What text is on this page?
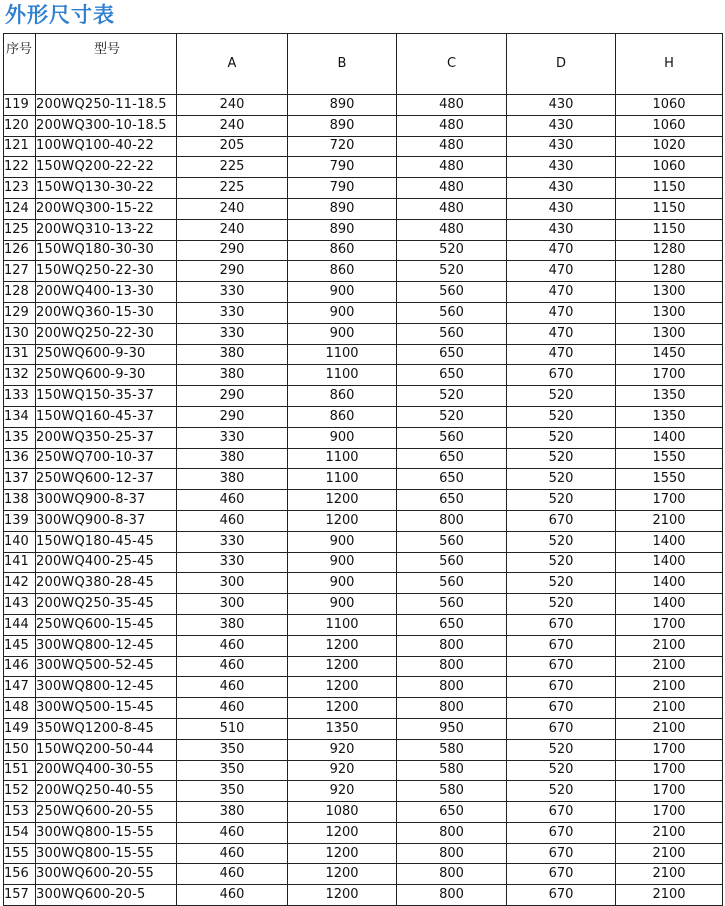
外形尺寸表
序号	型号	A	B	C	D	H
119	200WQ250-11-18.5	240	890	480	430	1060
120	200WQ300-10-18.5	240	890	480	430	1060
121	100WQ100-40-22	205	720	480	430	1020
122	150WQ200-22-22	225	790	480	430	1060
123	150WQ130-30-22	225	790	480	430	1150
124	200WQ300-15-22	240	890	480	430	1150
125	200WQ310-13-22	240	890	480	430	1150
126	150WQ180-30-30	290	860	520	470	1280
127	150WQ250-22-30	290	860	520	470	1280
128	200WQ400-13-30	330	900	560	470	1300
129	200WQ360-15-30	330	900	560	470	1300
130	200WQ250-22-30	330	900	560	470	1300
131	250WQ600-9-30	380	1100	650	470	1450
132	250WQ600-9-30	380	1100	650	670	1700
133	150WQ150-35-37	290	860	520	520	1350
134	150WQ160-45-37	290	860	520	520	1350
135	200WQ350-25-37	330	900	560	520	1400
136	250WQ700-10-37	380	1100	650	520	1550
137	250WQ600-12-37	380	1100	650	520	1550
138	300WQ900-8-37	460	1200	650	520	1700
139	300WQ900-8-37	460	1200	800	670	2100
140	150WQ180-45-45	330	900	560	520	1400
141	200WQ400-25-45	330	900	560	520	1400
142	200WQ380-28-45	300	900	560	520	1400
143	200WQ250-35-45	300	900	560	520	1400
144	250WQ600-15-45	380	1100	650	670	1700
145	300WQ800-12-45	460	1200	800	670	2100
146	300WQ500-52-45	460	1200	800	670	2100
147	300WQ800-12-45	460	1200	800	670	2100
148	300WQ500-15-45	460	1200	800	670	2100
149	350WQ1200-8-45	510	1350	950	670	2100
150	150WQ200-50-44	350	920	580	520	1700
151	200WQ400-30-55	350	920	580	520	1700
152	200WQ250-40-55	350	920	580	520	1700
153	250WQ600-20-55	380	1080	650	670	1700
154	300WQ800-15-55	460	1200	800	670	2100
155	300WQ800-15-55	460	1200	800	670	2100
156	300WQ600-20-55	460	1200	800	670	2100
157	300WQ600-20-5	460	1200	800	670	2100
